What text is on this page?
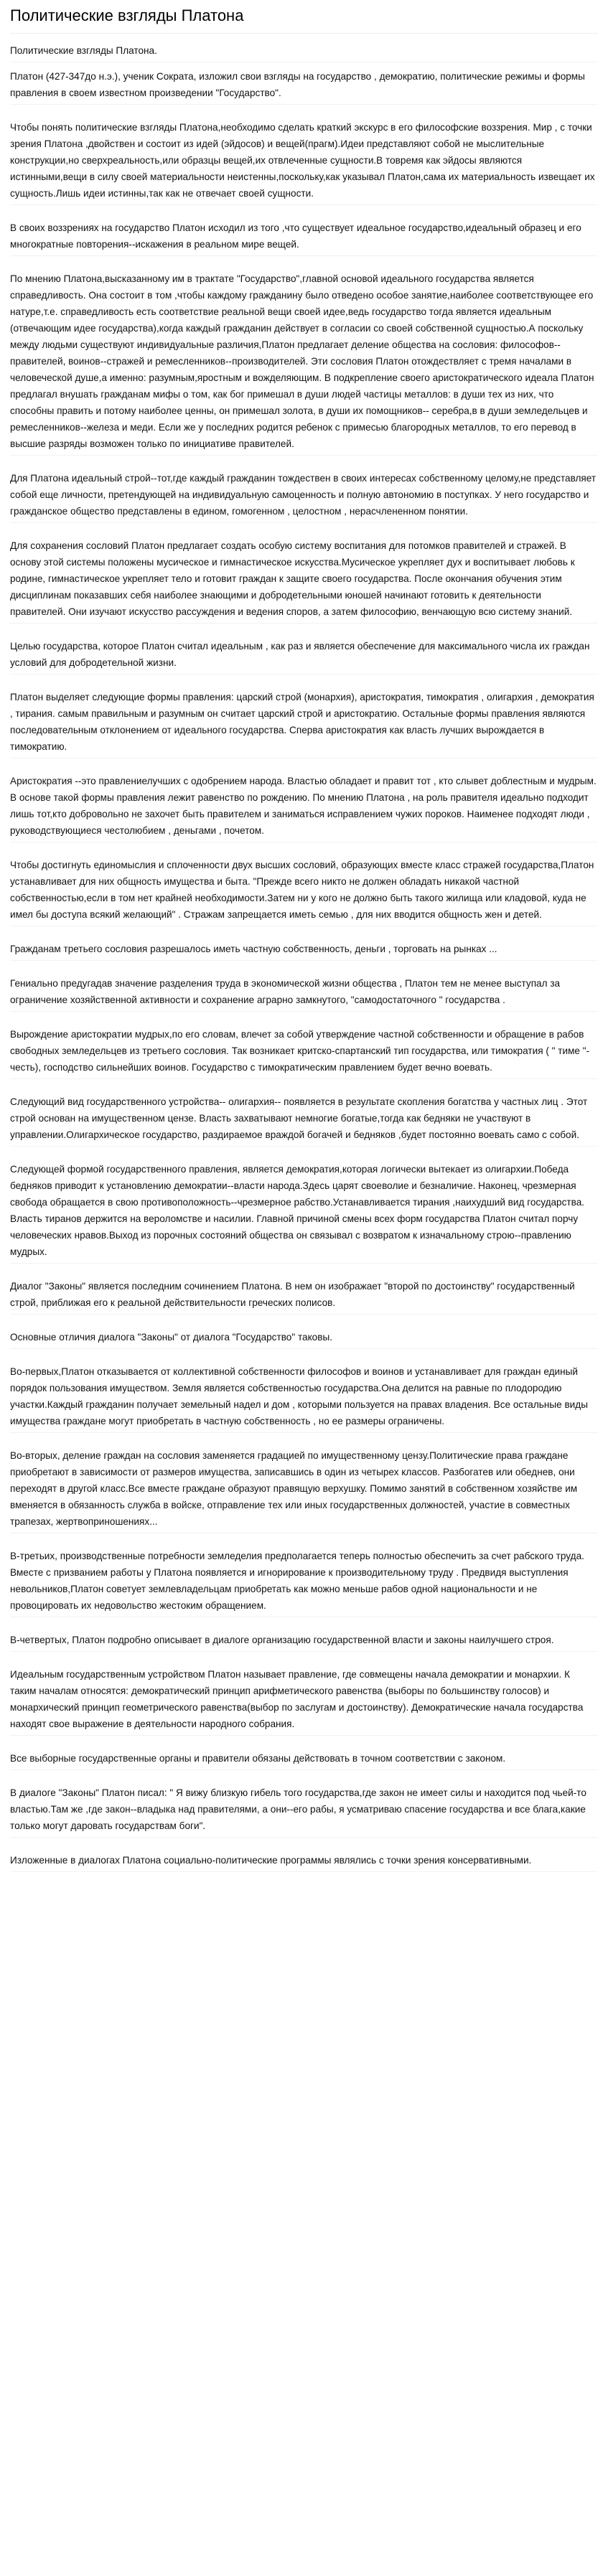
Политические взгляды Платона

Политические взгляды Платона.

Платон (427-347до н.э.), ученик Сократа, изложил свои взгляды на государство , демократию, политические режимы и формы правления в своем известном произведении "Государство".

Чтобы понять политические взгляды Платона,необходимо сделать краткий экскурс в его философские воззрения. Мир , с точки зрения Платона ,двойствен и состоит из идей (эйдосов) и вещей(прагм).Идеи представляют собой не мыслительные конструкции,но сверхреальность,или образцы вещей,их отвлеченные сущности.В товремя как эйдосы являются истинными,вещи в силу своей материальности неистенны,поскольку,как указывал Платон,сама их материальность извещает их сущность.Лишь идеи истинны,так как не отвечает своей сущности.

В своих воззрениях на государство Платон исходил из того ,что существует идеальное государство,идеальный образец и его многократные повторения--искажения в реальном мире вещей.

По мнению Платона,высказанному им в трактате "Государство",главной основой идеального государства является справедливость. Она состоит в том ,чтобы каждому гражданину было отведено особое занятие,наиболее соответствующее его натуре,т.е. справедливость есть соответствие реальной вещи своей идее,ведь государство тогда является идеальным (отвечающим идее государства),когда каждый гражданин действует в согласии со своей собственной сущностью.А поскольку между людьми существуют индивидуальные различия,Платон предлагает деление общества на сословия: философов--правителей, воинов--стражей и ремесленников--производителей. Эти сословия Платон отождествляет с тремя началами в человеческой душе,а именно: разумным,яростным и вожделяющим. В подкрепление своего аристократического идеала Платон предлагал внушать гражданам мифы о том, как бог примешал в души людей частицы металлов: в души тех из них, что способны править и потому наиболее ценны, он примешал золота, в души их помощников-- серебра,в в души земледельцев и ремесленников--железа и меди. Если же у последних родится ребенок с примесью благородных металлов, то его перевод в высшие разряды возможен только по инициативе правителей.

Для Платона идеальный строй--тот,где каждый гражданин тождествен в своих интересах собственному целому,не представляет собой еще личности, претендующей на индивидуальную самоценность и полную автономию в поступках. У него государство и гражданское общество представлены в едином, гомогенном , целостном , нерасчлененном понятии.

Для сохранения сословий Платон предлагает создать особую систему воспитания для потомков правителей и стражей. В основу этой системы положены мусическое и гимнастическое искусства.Мусическое укрепляет дух и воспитывает любовь к родине, гимнастическое укрепляет тело и готовит граждан к защите своего государства. После окончания обучения этим дисциплинам показавших себя наиболее знающими и добродетельными юношей начинают готовить к деятельности правителей. Они изучают искусство рассуждения и ведения споров, а затем философию, венчающую всю систему знаний.

Целью государства, которое Платон считал идеальным , как раз и является обеспечение для максимального числа их граждан условий для добродетельной жизни.

Платон выделяет следующие формы правления: царский строй (монархия), аристократия, тимократия , олигархия , демократия , тирания. самым правильным и разумным он считает царский строй и аристократию. Остальные формы правления являются последовательным отклонением от идеального государства. Сперва аристократия как власть лучших вырождается в тимократию.

Аристократия --это правлениелучших с одобрением народа. Властью обладает и правит тот , кто слывет доблестным и мудрым. В основе такой формы правления лежит равенство по рождению. По мнению Платона , на роль правителя идеально подходит лишь тот,кто добровольно не захочет быть правителем и заниматься исправлением чужих пороков. Наименее подходят люди , руководствующиеся честолюбием , деньгами , почетом.

Чтобы достигнуть единомыслия и сплоченности двух высших сословий, образующих вместе класс стражей государства,Платон устанавливает для них общность имущества и быта. "Прежде всего никто не должен обладать никакой частной собственностью,если в том нет крайней необходимости.Затем ни у кого не должно быть такого жилища или кладовой, куда не имел бы доступа всякий желающий" . Стражам запрещается иметь семью , для них вводится общность жен и детей.

Гражданам третьего сословия разрешалось иметь частную собственность, деньги , торговать на рынках ...

Гениально предугадав значение разделения труда в экономической жизни общества , Платон тем не менее выступал за ограничение хозяйственной активности и сохранение аграрно замкнутого, "самодостаточного " государства .

Вырождение аристократии мудрых,по его словам, влечет за собой утверждение частной собственности и обращение в рабов свободных земледельцев из третьего сословия. Так возникает критско-спартанский тип государства, или тимократия ( " тиме "- честь), господство сильнейших воинов. Государство с тимократическим правлением будет вечно воевать.

Следующий вид государственного устройства-- олигархия-- появляется в результате скопления богатства у частных лиц . Этот строй основан на имущественном цензе. Власть захватывают немногие богатые,тогда как бедняки не участвуют в управлении.Олигархическое государство, раздираемое враждой богачей и бедняков ,будет постоянно воевать само с собой.

Следующей формой государственного правления, является демократия,которая логически вытекает из олигархии.Победа бедняков приводит к установлению демократии--власти народа.Здесь царят своеволие и безналичие. Наконец, чрезмерная свобода обращается в свою противоположность--чрезмерное рабство.Устанавливается тирания ,наихудший вид государства. Власть тиранов держится на вероломстве и насилии. Главной причиной смены всех форм государства Платон считал порчу человеческих нравов.Выход из порочных состояний общества он связывал с возвратом к изначальному строю--правлению мудрых.

Диалог "Законы" является последним сочинением Платона. В нем он изображает "второй по достоинству" государственный строй, приближая его к реальной действительности греческих полисов.

Основные отличия диалога "Законы" от диалога "Государство" таковы.

Во-первых,Платон отказывается от коллективной собственности философов и воинов и устанавливает для граждан единый порядок пользования имуществом. Земля является собственностью государства.Она делится на равные по плодородию участки.Каждый гражданин получает земельный надел и дом , которыми пользуется на правах владения. Все остальные виды имущества граждане могут приобретать в частную собственность , но ее размеры ограничены.

Во-вторых, деление граждан на сословия заменяется градацией по имущественному цензу.Политические права граждане приобретают в зависимости от размеров имущества, записавшись в один из четырех классов. Разбогатев или обеднев, они переходят в другой класс.Все вместе граждане образуют правящую верхушку. Помимо занятий в собственном хозяйстве им вменяется в обязанность служба в войске, отправление тех или иных государственных должностей, участие в совместных трапезах, жертвоприношениях...

В-третьих, производственные потребности земледелия предполагается теперь полностью обеспечить за счет рабского труда. Вместе с призванием работы у Платона появляется и игнорирование к производительному труду . Предвидя выступления невольников,Платон советует землевладельцам приобретать как можно меньше рабов одной национальности и не провоцировать их недовольство жестоким обращением.

В-четвертых, Платон подробно описывает в диалоге организацию государственной власти и законы наилучшего строя.

Идеальным государственным устройством Платон называет правление, где совмещены начала демократии и монархии. К таким началам относятся: демократический принцип арифметического равенства (выборы по большинству голосов) и монархический принцип геометрического равенства(выбор по заслугам и достоинству). Демократические начала государства находят свое выражение в деятельности народного собрания.

Все выборные государственные органы и правители обязаны действовать в точном соответствии с законом.

В диалоге "Законы" Платон писал: " Я вижу близкую гибель того государства,где закон не имеет силы и находится под чьей-то властью.Там же ,где закон--владыка над правителями, а они--его рабы, я усматриваю спасение государства и все блага,какие только могут даровать государствам боги".

Изложенные в диалогах Платона социально-политические программы являлись с точки зрения консервативными.
